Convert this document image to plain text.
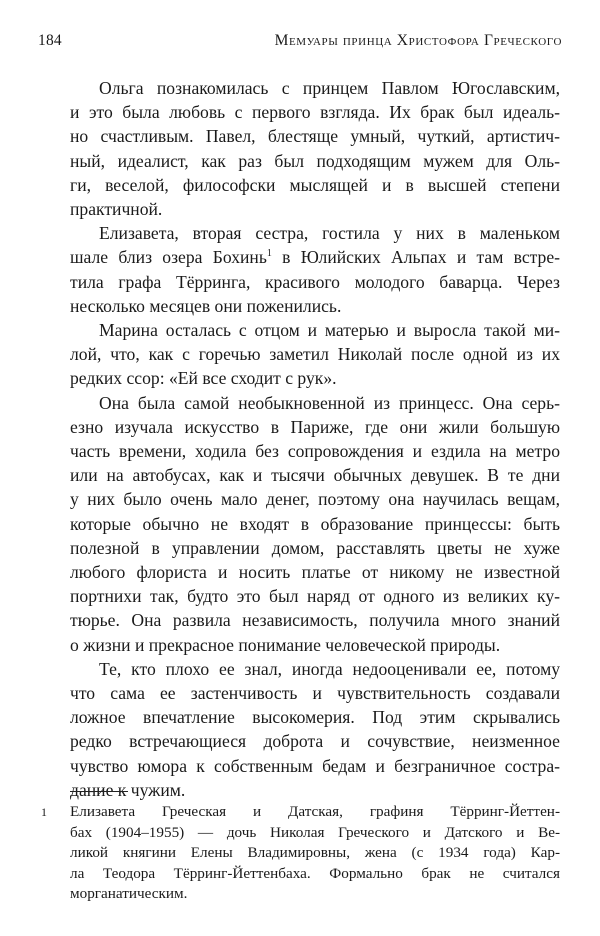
184	Мемуары принца Христофора Греческого
Ольга познакомилась с принцем Павлом Югославским,
и это была любовь с первого взгляда. Их брак был идеаль-
но счастливым. Павел, блестяще умный, чуткий, артистич-
ный, идеалист, как раз был подходящим мужем для Оль-
ги, веселой, философски мыслящей и в высшей степени
практичной.
Елизавета, вторая сестра, гостила у них в маленьком
шале близ озера Бохинь$^1$ в Юлийских Альпах и там встре-
тила графа Тёрринга, красивого молодого баварца. Через
несколько месяцев они поженились.
Марина осталась с отцом и матерью и выросла такой ми-
лой, что, как с горечью заметил Николай после одной из их
редких ссор: «Ей все сходит с рук».
Она была самой необыкновенной из принцесс. Она серь-
езно изучала искусство в Париже, где они жили большую
часть времени, ходила без сопровождения и ездила на метро
или на автобусах, как и тысячи обычных девушек. В те дни
у них было очень мало денег, поэтому она научилась вещам,
которые обычно не входят в образование принцессы: быть
полезной в управлении домом, расставлять цветы не хуже
любого флориста и носить платье от никому не известной
портнихи так, будто это был наряд от одного из великих ку-
тюрье. Она развила независимость, получила много знаний
о жизни и прекрасное понимание человеческой природы.
Те, кто плохо ее знал, иногда недооценивали ее, потому
что сама ее застенчивость и чувствительность создавали
ложное впечатление высокомерия. Под этим скрывались
редко встречающиеся доброта и сочувствие, неизменное
чувство юмора к собственным бедам и безграничное состра-
дание к чужим.
1 Елизавета Греческая и Датская, графиня Тёрринг-Йеттен-
бах (1904–1955) — дочь Николая Греческого и Датского и Ве-
ликой княгини Елены Владимировны, жена (с 1934 года) Кар-
ла Теодора Тёрринг-Йеттенбаха. Формально брак не считался
морганатическим.
